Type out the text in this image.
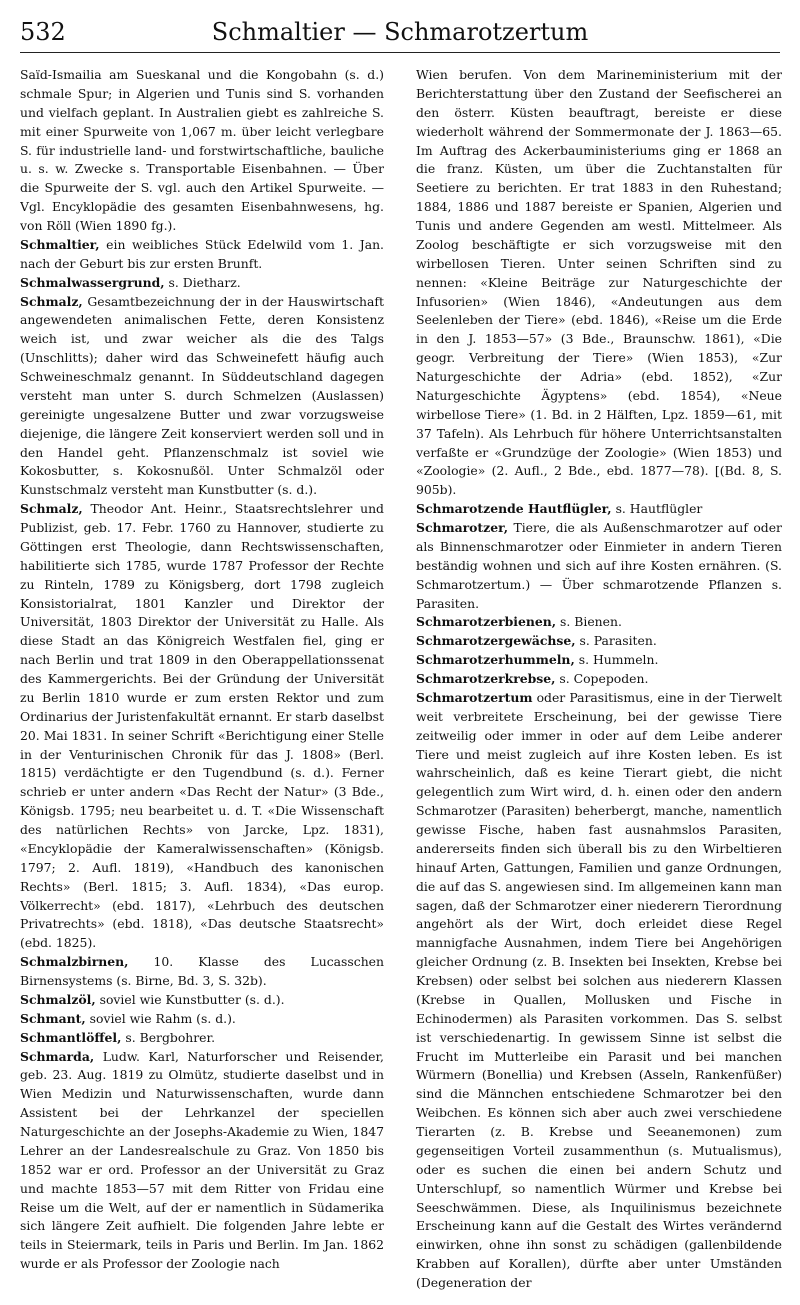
532	Schmaltier — Schmarotzertum

Saïd-Ismailia am Sueskanal und die Kongobahn (s. d.) schmale Spur; in Algerien und Tunis sind S. vorhanden und vielfach geplant. In Australien giebt es zahlreiche S. mit einer Spurweite von 1,067 m. über leicht verlegbare S. für industrielle land- und forstwirtschaftliche, bauliche u. s. w. Zwecke s. Transportable Eisenbahnen. — Über die Spurweite der S. vgl. auch den Artikel Spurweite. — Vgl. Encyklopädie des gesamten Eisenbahnwesens, hg. von Röll (Wien 1890 fg.).

Schmaltier, ein weibliches Stück Edelwild vom 1. Jan. nach der Geburt bis zur ersten Brunft.

Schmalwassergrund, s. Dietharz.

Schmalz, Gesamtbezeichnung der in der Hauswirtschaft angewendeten animalischen Fette, deren Konsistenz weich ist, und zwar weicher als die des Talgs (Unschlitts); daher wird das Schweinefett häufig auch Schweineschmalz genannt. In Süddeutschland dagegen versteht man unter S. durch Schmelzen (Auslassen) gereinigte ungesalzene Butter und zwar vorzugsweise diejenige, die längere Zeit konserviert werden soll und in den Handel geht. Pflanzenschmalz ist soviel wie Kokosbutter, s. Kokosnußöl. Unter Schmalzöl oder Kunstschmalz versteht man Kunstbutter (s. d.).

Schmalz, Theodor Ant. Heinr., Staatsrechtslehrer und Publizist, geb. 17. Febr. 1760 zu Hannover, studierte zu Göttingen erst Theologie, dann Rechtswissenschaften, habilitierte sich 1785, wurde 1787 Professor der Rechte zu Rinteln, 1789 zu Königsberg, dort 1798 zugleich Konsistorialrat, 1801 Kanzler und Direktor der Universität, 1803 Direktor der Universität zu Halle. Als diese Stadt an das Königreich Westfalen fiel, ging er nach Berlin und trat 1809 in den Oberappellationssenat des Kammergerichts. Bei der Gründung der Universität zu Berlin 1810 wurde er zum ersten Rektor und zum Ordinarius der Juristenfakultät ernannt. Er starb daselbst 20. Mai 1831. In seiner Schrift «Berichtigung einer Stelle in der Venturinischen Chronik für das J. 1808» (Berl. 1815) verdächtigte er den Tugendbund (s. d.). Ferner schrieb er unter andern «Das Recht der Natur» (3 Bde., Königsb. 1795; neu bearbeitet u. d. T. «Die Wissenschaft des natürlichen Rechts» von Jarcke, Lpz. 1831), «Encyklopädie der Kameralwissenschaften» (Königsb. 1797; 2. Aufl. 1819), «Handbuch des kanonischen Rechts» (Berl. 1815; 3. Aufl. 1834), «Das europ. Völkerrecht» (ebd. 1817), «Lehrbuch des deutschen Privatrechts» (ebd. 1818), «Das deutsche Staatsrecht» (ebd. 1825).

Schmalzbirnen, 10. Klasse des Lucasschen Birnensystems (s. Birne, Bd. 3, S. 32b).

Schmalzöl, soviel wie Kunstbutter (s. d.).

Schmant, soviel wie Rahm (s. d.).

Schmantlöffel, s. Bergbohrer.

Schmarda, Ludw. Karl, Naturforscher und Reisender, geb. 23. Aug. 1819 zu Olmütz, studierte daselbst und in Wien Medizin und Naturwissenschaften, wurde dann Assistent bei der Lehrkanzel der speciellen Naturgeschichte an der Josephs-Akademie zu Wien, 1847 Lehrer an der Landesrealschule zu Graz. Von 1850 bis 1852 war er ord. Professor an der Universität zu Graz und machte 1853—57 mit dem Ritter von Fridau eine Reise um die Welt, auf der er namentlich in Südamerika sich längere Zeit aufhielt. Die folgenden Jahre lebte er teils in Steiermark, teils in Paris und Berlin. Im Jan. 1862 wurde er als Professor der Zoologie nach

Wien berufen. Von dem Marineministerium mit der Berichterstattung über den Zustand der Seefischerei an den österr. Küsten beauftragt, bereiste er diese wiederholt während der Sommermonate der J. 1863—65. Im Auftrag des Ackerbauministeriums ging er 1868 an die franz. Küsten, um über die Zuchtanstalten für Seetiere zu berichten. Er trat 1883 in den Ruhestand; 1884, 1886 und 1887 bereiste er Spanien, Algerien und Tunis und andere Gegenden am westl. Mittelmeer. Als Zoolog beschäftigte er sich vorzugsweise mit den wirbellosen Tieren. Unter seinen Schriften sind zu nennen: «Kleine Beiträge zur Naturgeschichte der Infusorien» (Wien 1846), «Andeutungen aus dem Seelenleben der Tiere» (ebd. 1846), «Reise um die Erde in den J. 1853—57» (3 Bde., Braunschw. 1861), «Die geogr. Verbreitung der Tiere» (Wien 1853), «Zur Naturgeschichte der Adria» (ebd. 1852), «Zur Naturgeschichte Ägyptens» (ebd. 1854), «Neue wirbellose Tiere» (1. Bd. in 2 Hälften, Lpz. 1859—61, mit 37 Tafeln). Als Lehrbuch für höhere Unterrichtsanstalten verfaßte er «Grundzüge der Zoologie» (Wien 1853) und «Zoologie» (2. Aufl., 2 Bde., ebd. 1877—78). [(Bd. 8, S. 905b).

Schmarotzende Hautflügler, s. Hautflügler

Schmarotzer, Tiere, die als Außenschmarotzer auf oder als Binnenschmarotzer oder Einmieter in andern Tieren beständig wohnen und sich auf ihre Kosten ernähren. (S. Schmarotzertum.) — Über schmarotzende Pflanzen s. Parasiten.

Schmarotzerbienen, s. Bienen.

Schmarotzergewächse, s. Parasiten.

Schmarotzerhummeln, s. Hummeln.

Schmarotzerkrebse, s. Copepoden.

Schmarotzertum oder Parasitismus, eine in der Tierwelt weit verbreitete Erscheinung, bei der gewisse Tiere zeitweilig oder immer in oder auf dem Leibe anderer Tiere und meist zugleich auf ihre Kosten leben. Es ist wahrscheinlich, daß es keine Tierart giebt, die nicht gelegentlich zum Wirt wird, d. h. einen oder den andern Schmarotzer (Parasiten) beherbergt, manche, namentlich gewisse Fische, haben fast ausnahmslos Parasiten, andererseits finden sich überall bis zu den Wirbeltieren hinauf Arten, Gattungen, Familien und ganze Ordnungen, die auf das S. angewiesen sind. Im allgemeinen kann man sagen, daß der Schmarotzer einer niederern Tierordnung angehört als der Wirt, doch erleidet diese Regel mannigfache Ausnahmen, indem Tiere bei Angehörigen gleicher Ordnung (z. B. Insekten bei Insekten, Krebse bei Krebsen) oder selbst bei solchen aus niederern Klassen (Krebse in Quallen, Mollusken und Fische in Echinodermen) als Parasiten vorkommen. Das S. selbst ist verschiedenartig. In gewissem Sinne ist selbst die Frucht im Mutterleibe ein Parasit und bei manchen Würmern (Bonellia) und Krebsen (Asseln, Rankenfüßer) sind die Männchen entschiedene Schmarotzer bei den Weibchen. Es können sich aber auch zwei verschiedene Tierarten (z. B. Krebse und Seeanemonen) zum gegenseitigen Vorteil zusammenthun (s. Mutualismus), oder es suchen die einen bei andern Schutz und Unterschlupf, so namentlich Würmer und Krebse bei Seeschwämmen. Diese, als Inquilinismus bezeichnete Erscheinung kann auf die Gestalt des Wirtes verändernd einwirken, ohne ihn sonst zu schädigen (gallenbildende Krabben auf Korallen), dürfte aber unter Umständen (Degeneration der
